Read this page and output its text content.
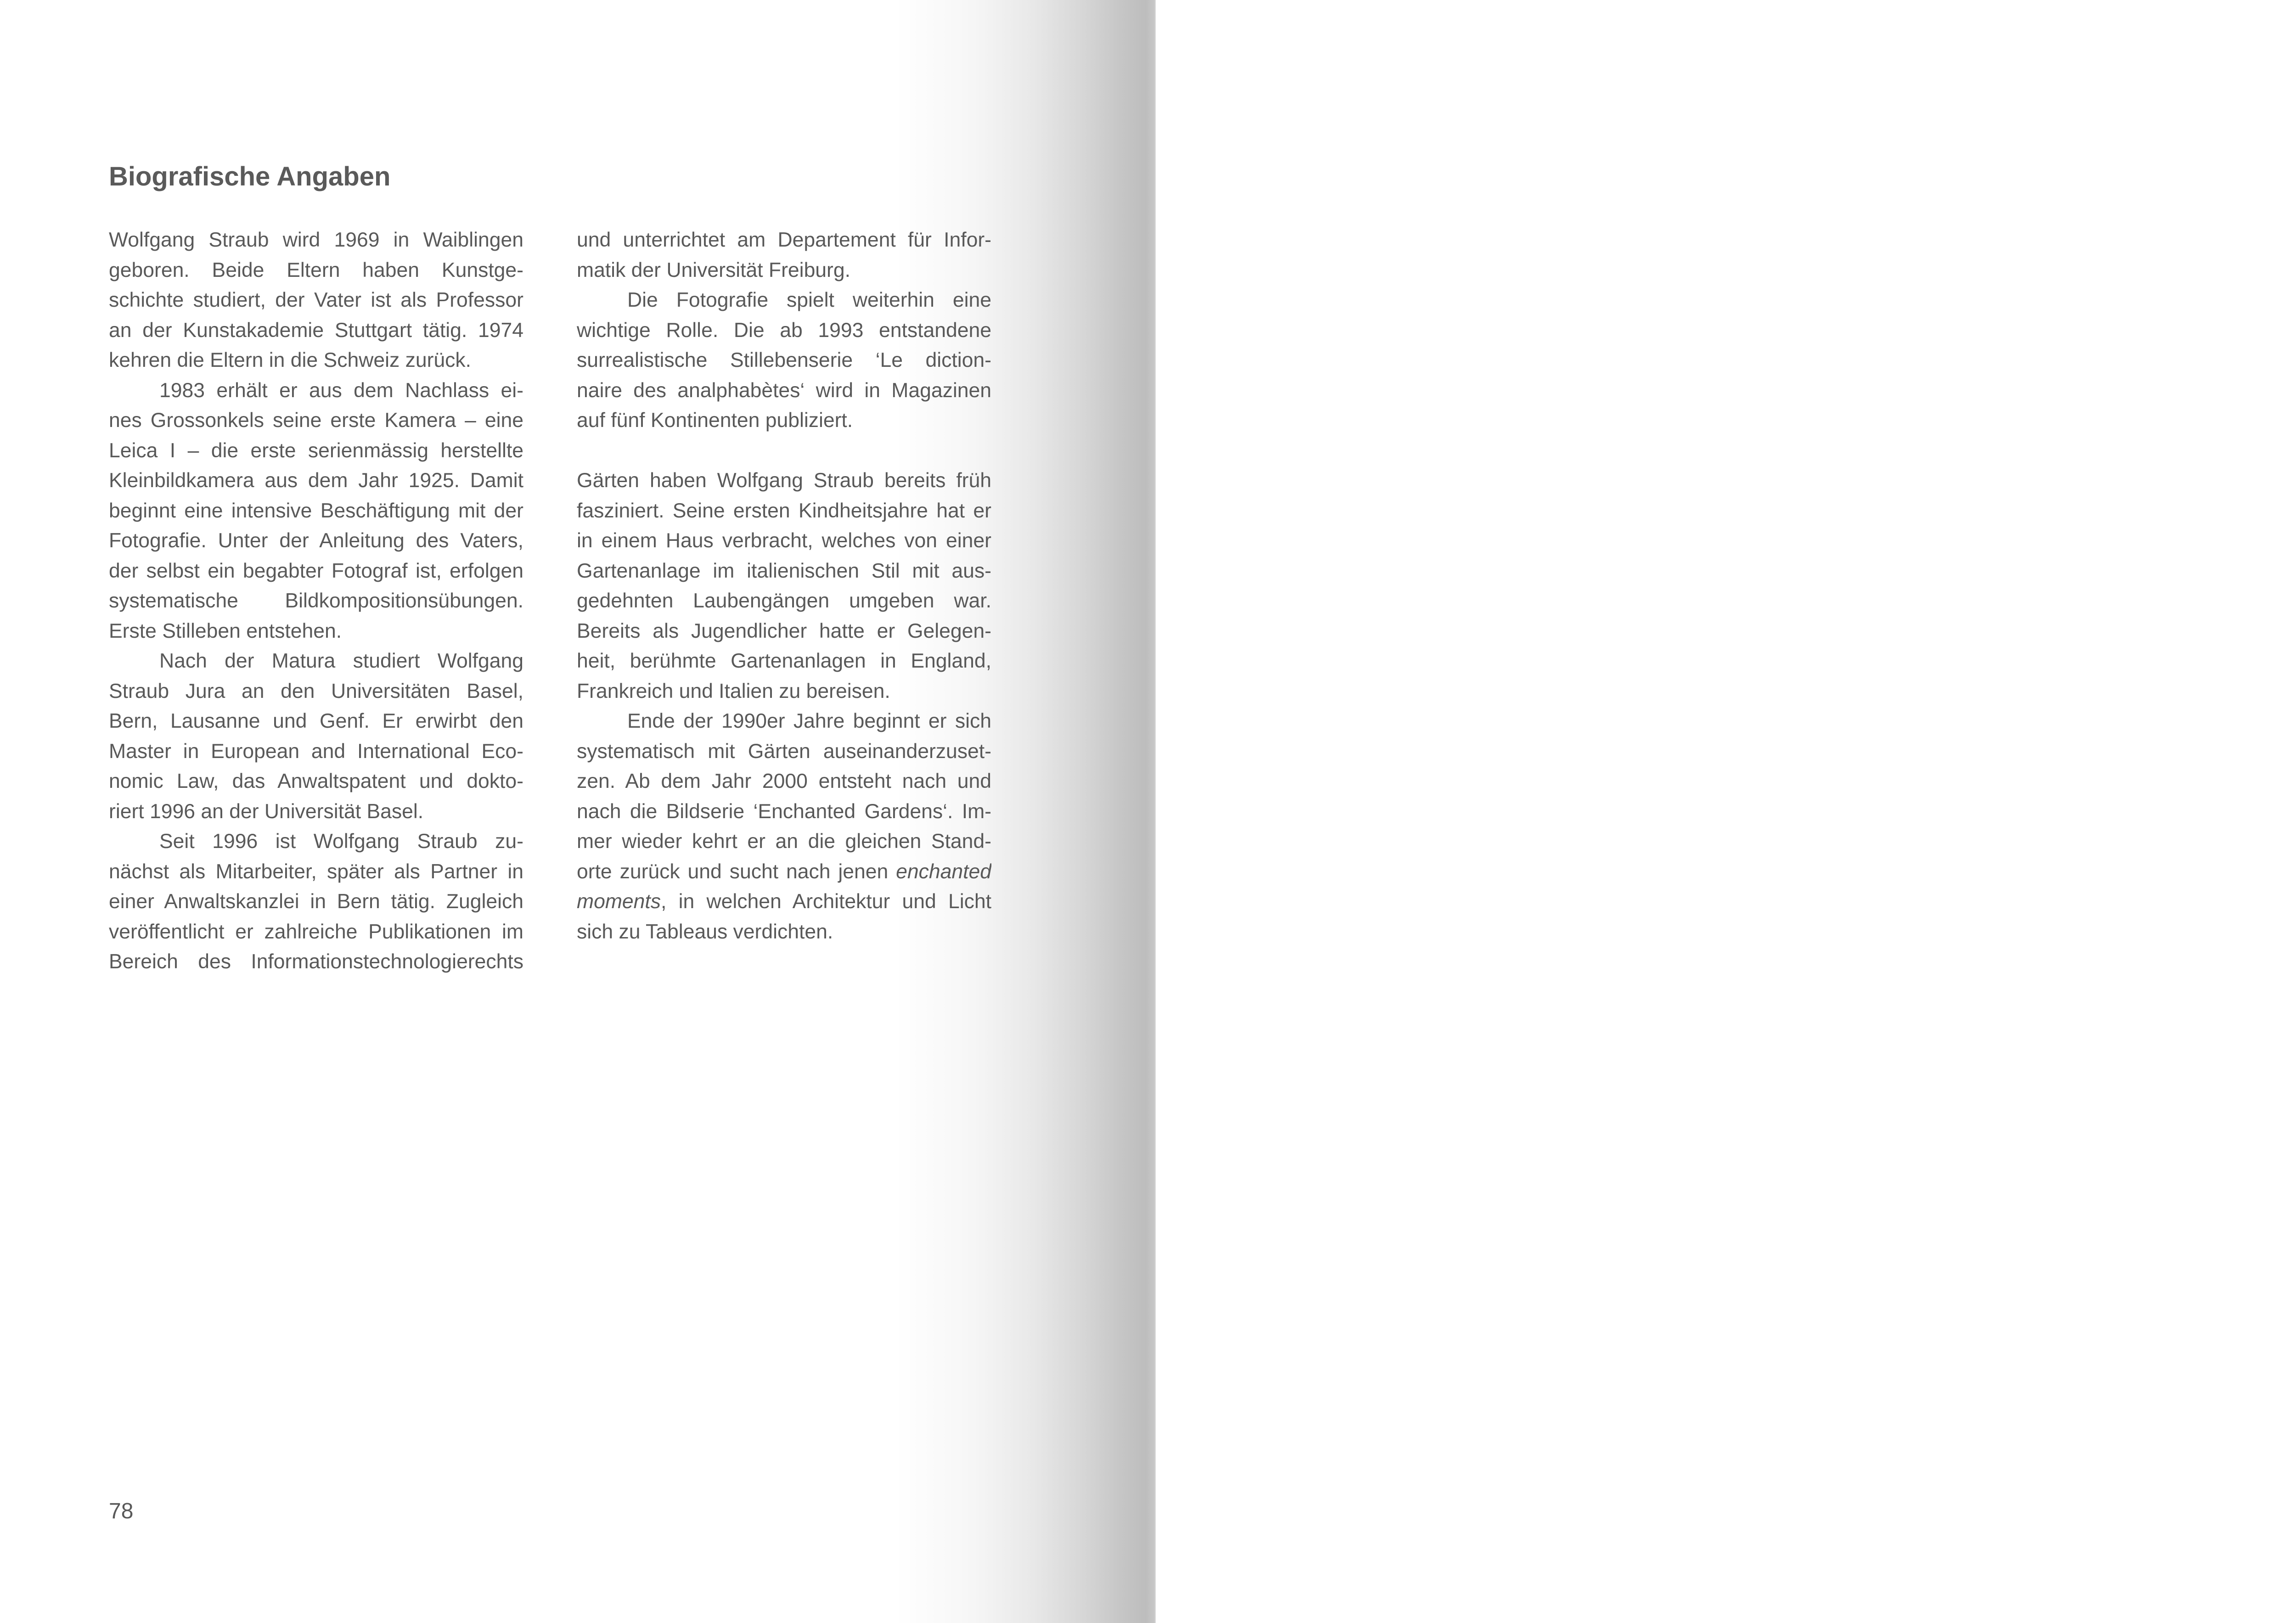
Biografische Angaben
Wolfgang Straub wird 1969 in Waiblingen
geboren. Beide Eltern haben Kunstge-
schichte studiert, der Vater ist als Professor
an der Kunstakademie Stuttgart tätig. 1974
kehren die Eltern in die Schweiz zurück.
1983 erhält er aus dem Nachlass ei-
nes Grossonkels seine erste Kamera – eine
Leica I – die erste serienmässig herstellte
Kleinbildkamera aus dem Jahr 1925. Damit
beginnt eine intensive Beschäftigung mit der
Fotografie. Unter der Anleitung des Vaters,
der selbst ein begabter Fotograf ist, erfolgen
systematische Bildkompositionsübungen.
Erste Stilleben entstehen.
Nach der Matura studiert Wolfgang
Straub Jura an den Universitäten Basel,
Bern, Lausanne und Genf. Er erwirbt den
Master in European and International Eco-
nomic Law, das Anwaltspatent und dokto-
riert 1996 an der Universität Basel.
Seit 1996 ist Wolfgang Straub zu-
nächst als Mitarbeiter, später als Partner in
einer Anwaltskanzlei in Bern tätig. Zugleich
veröffentlicht er zahlreiche Publikationen im
Bereich des Informationstechnologierechts
und unterrichtet am Departement für Infor-
matik der Universität Freiburg.
Die Fotografie spielt weiterhin eine
wichtige Rolle. Die ab 1993 entstandene
surrealistische Stillebenserie ‘Le diction-
naire des analphabètes‘ wird in Magazinen
auf fünf Kontinenten publiziert.
Gärten haben Wolfgang Straub bereits früh
fasziniert. Seine ersten Kindheitsjahre hat er
in einem Haus verbracht, welches von einer
Gartenanlage im italienischen Stil mit aus-
gedehnten Laubengängen umgeben war.
Bereits als Jugendlicher hatte er Gelegen-
heit, berühmte Gartenanlagen in England,
Frankreich und Italien zu bereisen.
Ende der 1990er Jahre beginnt er sich
systematisch mit Gärten auseinanderzuset-
zen. Ab dem Jahr 2000 entsteht nach und
nach die Bildserie ‘Enchanted Gardens‘. Im-
mer wieder kehrt er an die gleichen Stand-
orte zurück und sucht nach jenen enchanted
moments, in welchen Architektur und Licht
sich zu Tableaus verdichten.
78
